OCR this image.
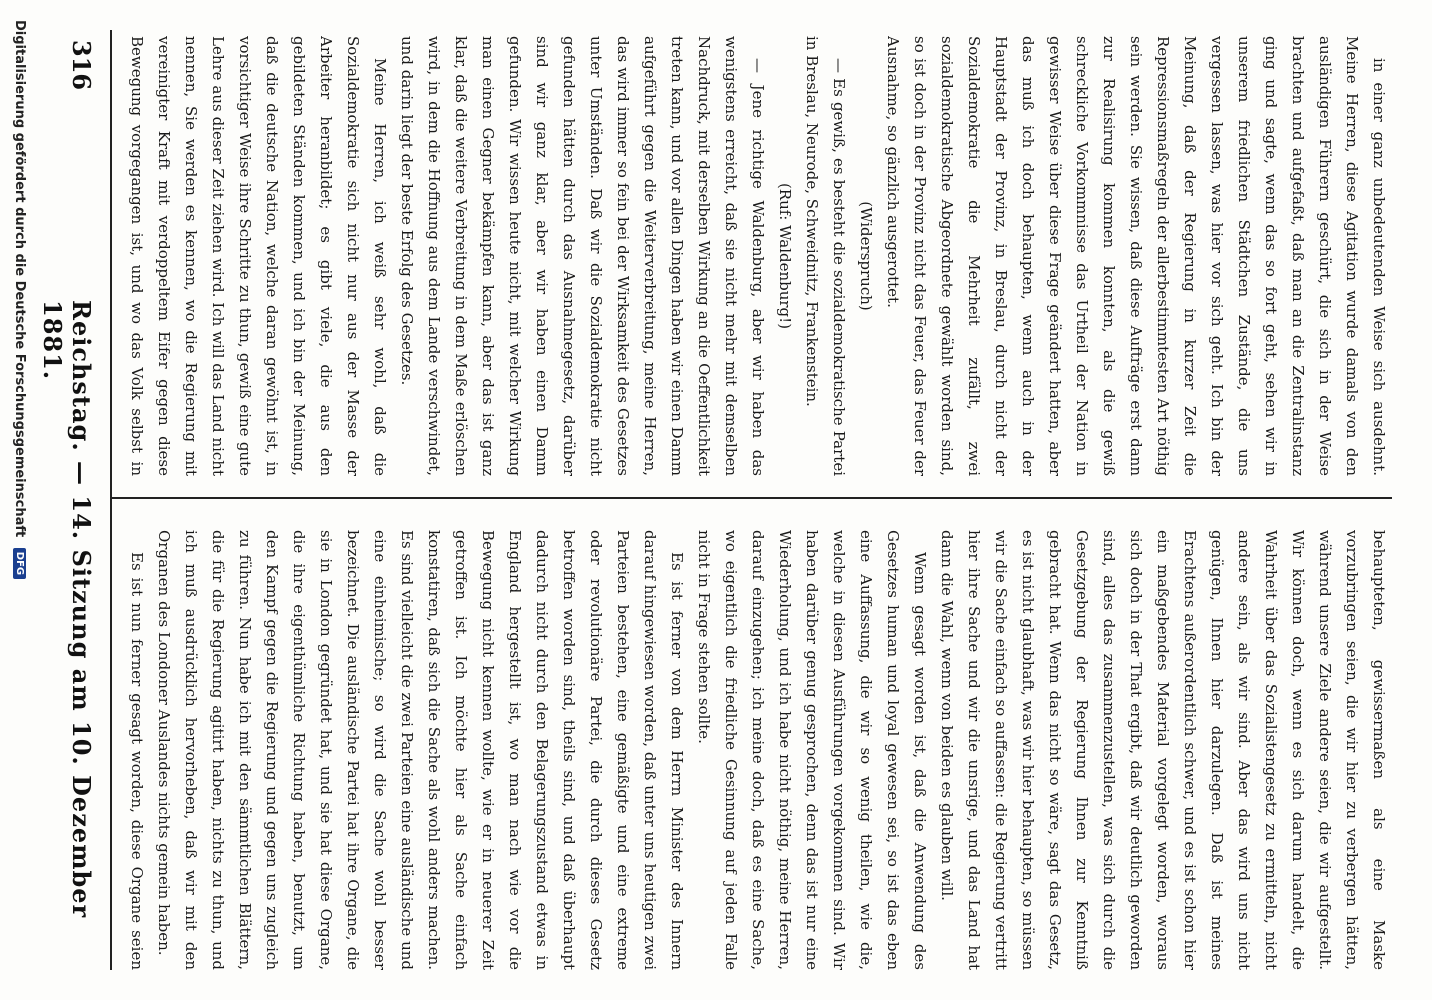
in einer ganz unbedeutenden Weise sich ausdehnt. Meine Herren, diese Agitation wurde damals von den ausländigen Führern geschürt, die sich in der Weise brachten und aufgefaßt, daß man an die Zentralinstanz ging und sagte, wenn das so fort geht, sehen wir in unserem friedlichen Städtchen Zustände, die uns vergessen lassen, was hier vor sich geht. Ich bin der Meinung, daß der Regierung in kurzer Zeit die Repressionsmaßregeln der allerbestimmtesten Art nöthig sein werden. Sie wissen, daß diese Aufträge erst dann zur Realisirung kommen konnten, als die gewiß schreckliche Vorkommnisse das Urtheil der Nation in gewisser Weise über diese Frage geändert hatten, aber das muß ich doch behaupten, wenn auch in der Hauptstadt der Provinz, in Breslau, durch nicht der Sozialdemokratie die Mehrheit zufällt, zwei sozialdemokratische Abgeordnete gewählt worden sind, so ist doch in der Provinz nicht das Feuer, das Feuer der Ausnahme, so gänzlich ausgerottet.

(Widerspruch)

— Es gewiß, es besteht die sozialdemokratische Partei in Breslau, Neurode, Schweidnitz, Frankenstein.

(Ruf: Waldenburg!)

— Jene richtige Waldenburg, aber wir haben das wenigstens erreicht, daß sie nicht mehr mit demselben Nachdruck, mit derselben Wirkung an die Oeffentlichkeit treten kann, und vor allen Dingen haben wir einen Damm aufgeführt gegen die Weiterverbreitung, meine Herren, das wird immer so fein bei der Wirksamkeit des Gesetzes unter Umständen. Daß wir die Sozialdemokratie nicht gefunden hätten durch das Ausnahmegesetz, darüber sind wir ganz klar, aber wir haben einen Damm gefunden. Wir wissen heute nicht, mit welcher Wirkung man einen Gegner bekämpfen kann, aber das ist ganz klar, daß die weitere Verbreitung in dem Maße erlöschen wird, in dem die Hoffnung aus dem Lande verschwindet, und darin liegt der beste Erfolg des Gesetzes.

Meine Herren, ich weiß sehr wohl, daß die Sozialdemokratie sich nicht nur aus der Masse der Arbeiter heranbildet; es gibt viele, die aus den gebildeten Ständen kommen, und ich bin der Meinung, daß die deutsche Nation, welche daran gewöhnt ist, in vorsichtiger Weise ihre Schritte zu thun, gewiß eine gute Lehre aus dieser Zeit ziehen wird. Ich will das Land nicht nennen, Sie werden es kennen, wo die Regierung mit vereinigter Kraft mit verdoppeltem Eifer gegen diese Bewegung vorgegangen ist, und wo das Volk selbst in

behaupteten, gewissermaßen als eine Maske vorzubringen seien, die wir hier zu verbergen hätten, während unsere Ziele andere seien, die wir aufgestellt. Wir können doch, wenn es sich darum handelt, die Wahrheit über das Sozialistengesetz zu ermitteln, nicht andere sein, als wir sind. Aber das wird uns nicht genügen, Ihnen hier darzulegen. Daß ist meines Erachtens außerordentlich schwer, und es ist schon hier ein maßgebendes Material vorgelegt worden, woraus sich doch in der That ergibt, daß wir deutlich geworden sind, alles das zusammenzustellen, was sich durch die Gesetzgebung der Regierung Ihnen zur Kenntniß gebracht hat. Wenn das nicht so wäre, sagt das Gesetz, es ist nicht glaubhaft, was wir hier behaupten, so müssen wir die Sache einfach so auffassen: die Regierung vertritt hier ihre Sache und wir die unsrige, und das Land hat dann die Wahl, wenn von beiden es glauben will.

Wenn gesagt worden ist, daß die Anwendung des Gesetzes human und loyal gewesen sei, so ist das eben eine Auffassung, die wir so wenig theilen, wie die, welche in diesen Ausführungen vorgekommen sind. Wir haben darüber genug gesprochen, denn das ist nur eine Wiederholung, und ich habe nicht nöthig, meine Herren, darauf einzugehen; ich meine doch, daß es eine Sache, wo eigentlich die friedliche Gesinnung auf jeden Falle nicht in Frage stehen sollte.

Es ist ferner von dem Herrn Minister des Innern darauf hingewiesen worden, daß unter uns heutigen zwei Parteien bestehen, eine gemäßigte und eine extreme oder revolutionäre Partei, die durch dieses Gesetz betroffen worden sind, theils sind, und daß überhaupt dadurch nicht durch den Belagerungszustand etwas in England hergestellt ist, wo man nach wie vor die Bewegung nicht kennen wollte, wie er in neuerer Zeit getroffen ist. Ich möchte hier als Sache einfach konstatiren, daß sich die Sache als wohl anders machen. Es sind vielleicht die zwei Parteien eine ausländische und eine einheimische; so wird die Sache wohl besser bezeichnet. Die ausländische Partei hat ihre Organe, die sie in London gegründet hat, und sie hat diese Organe, die ihre eigenthümliche Richtung haben, benutzt, um den Kampf gegen die Regierung und gegen uns zugleich zu führen. Nun habe ich mit den sämmtlichen Blättern, die für die Regierung agitirt haben, nichts zu thun, und ich muß ausdrücklich hervorheben, daß wir mit den Organen des Londoner Auslandes nichts gemein haben.

Es ist nun ferner gesagt worden, diese Organe seien

316
Reichstag. — 14. Sitzung am 10. Dezember 1881.
Digitalisierung gefördert durch die Deutsche Forschungsgemeinschaft DFG
